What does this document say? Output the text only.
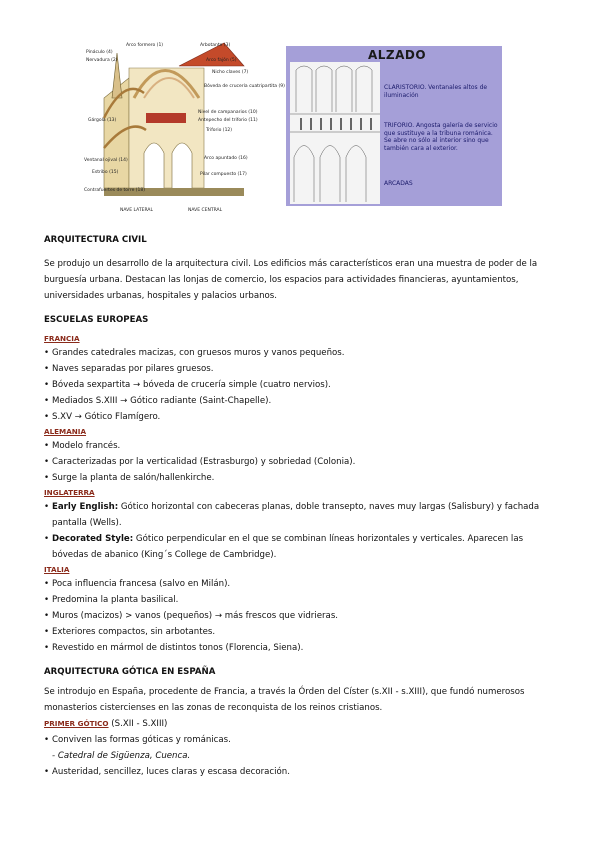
Arco formero (1)
Nervadura (2)
Arbotante (3)
Pináculo (4)
Arco fajón (5)
Nicho claves (7)
Bóveda de crucería cuatripartita (9)
Nivel de campanarios (10)
Antepecho del triforio (11)
Triforio (12)
Gárgola (13)
Ventanal ojival (14)
Estribo (15)
Arco apuntado (16)
Pilar compuesto (17)
Contrafuertes de torre (18)
NAVE LATERAL	NAVE CENTRAL
ALZADO
CLARISTORIO. Ventanales altos de iluminación
TRIFORIO. Angosta galería de servicio que sustituye a la tribuna románica. Se abre no sólo al interior sino que también cara al exterior.
ARCADAS

ARQUITECTURA CIVIL

Se produjo un desarrollo de la arquitectura civil. Los edificios más característicos eran una muestra de poder de la burguesía urbana. Destacan las lonjas de comercio, los espacios para actividades financieras, ayuntamientos, universidades urbanas, hospitales y palacios urbanos.

ESCUELAS EUROPEAS

FRANCIA

• Grandes catedrales macizas, con gruesos muros y vanos pequeños.

• Naves separadas por pilares gruesos.

• Bóveda sexpartita → bóveda de crucería simple (cuatro nervios).

• Mediados S.XIII → Gótico radiante (Saint-Chapelle).

• S.XV → Gótico Flamígero.

ALEMANIA

• Modelo francés.

• Caracterizadas por la verticalidad (Estrasburgo) y sobriedad (Colonia).

• Surge la planta de salón/hallenkirche.

INGLATERRA

• Early English: Gótico horizontal con cabeceras planas, doble transepto, naves muy largas (Salisbury) y fachada pantalla (Wells).

• Decorated Style: Gótico perpendicular en el que se combinan líneas horizontales y verticales. Aparecen las bóvedas de abanico (King´s College de Cambridge).

ITALIA

• Poca influencia francesa (salvo en Milán).

• Predomina la planta basilical.

• Muros (macizos) > vanos (pequeños) → más frescos que vidrieras.

• Exteriores compactos, sin arbotantes.

• Revestido en mármol de distintos tonos (Florencia, Siena).

ARQUITECTURA GÓTICA EN ESPAÑA

Se introdujo en España, procedente de Francia, a través la Órden del Císter (s.XII - s.XIII), que fundó numerosos monasterios cistercienses en las zonas de reconquista de los reinos cristianos.

PRIMER GÓTICO (S.XII - S.XIII)

• Conviven las formas góticas y románicas.

- Catedral de Sigüenza, Cuenca.

• Austeridad, sencillez, luces claras y escasa decoración.
